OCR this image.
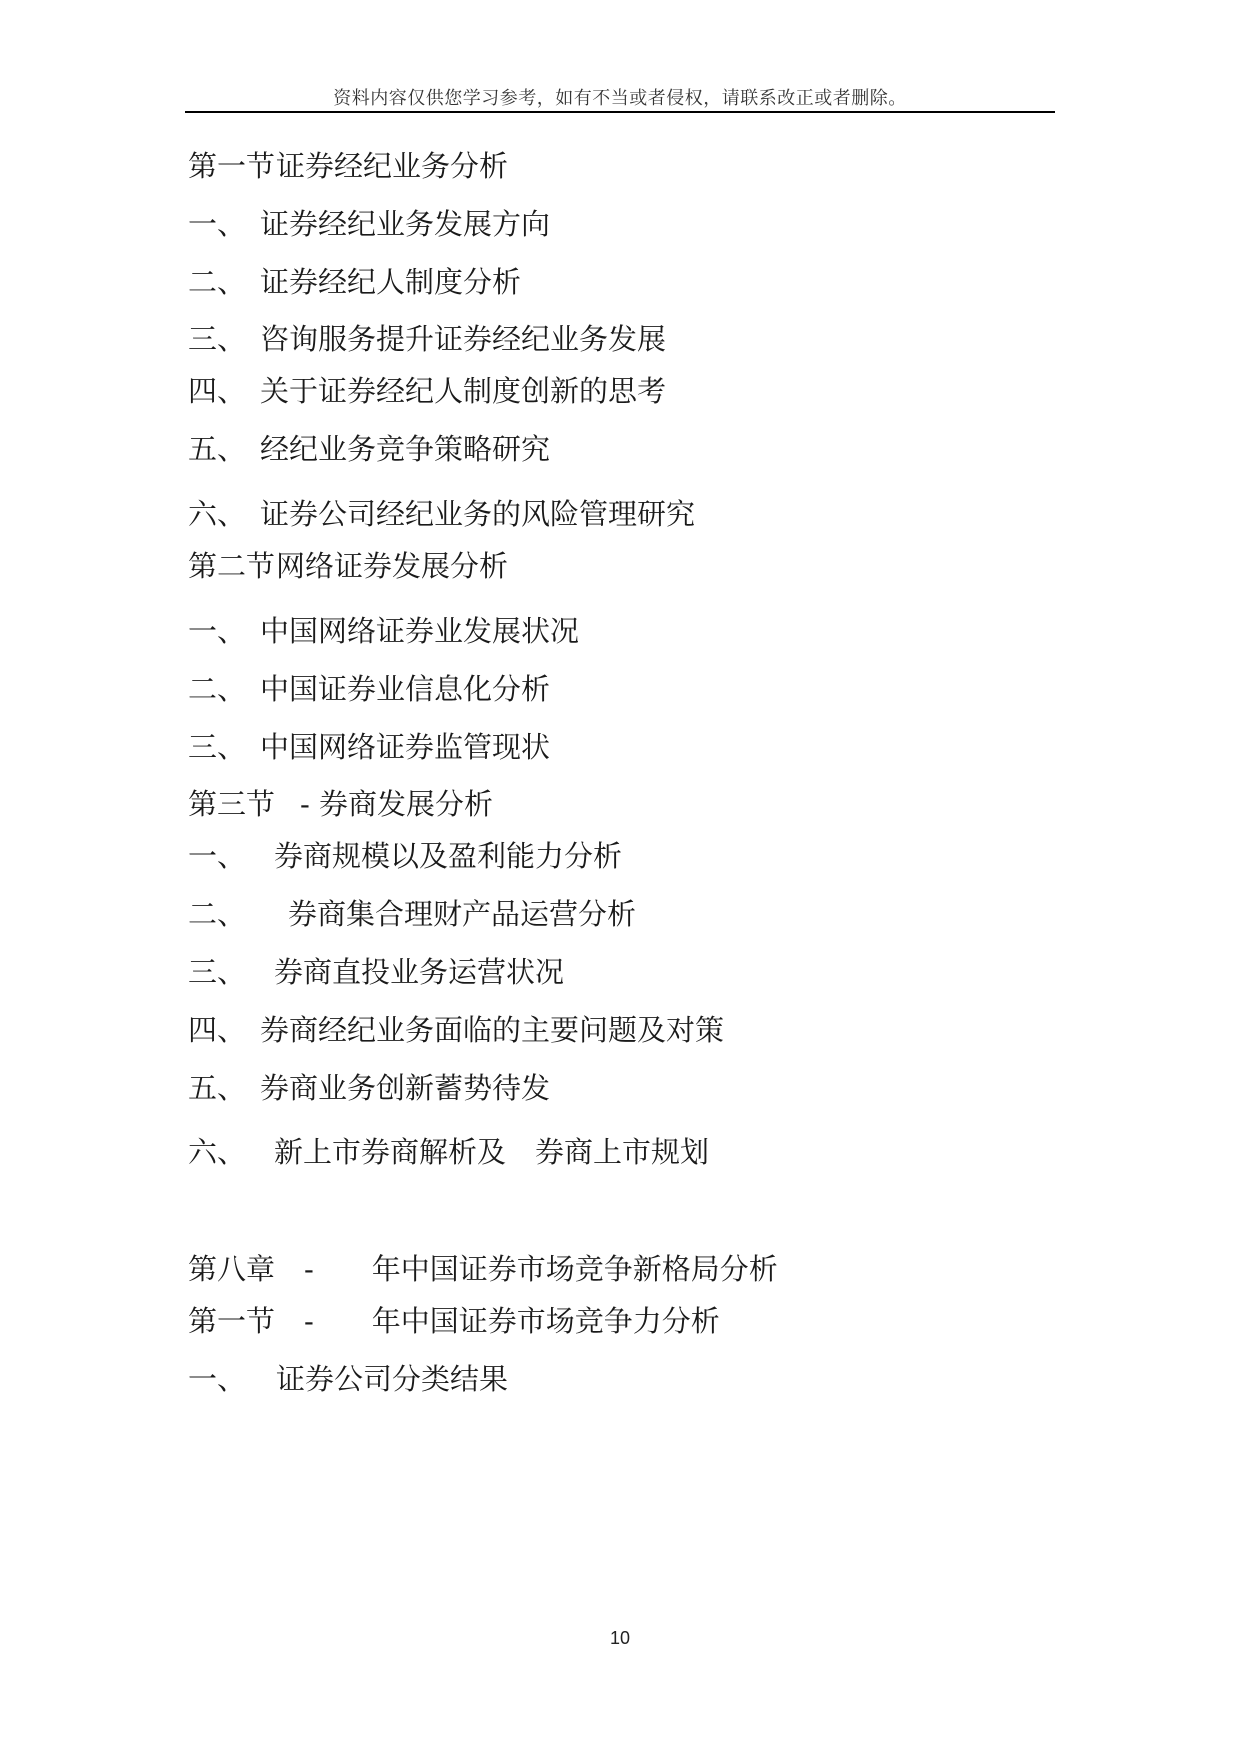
资料内容仅供您学习参考，如有不当或者侵权，请联系改正或者删除。
第一节证券经纪业务分析
一、 证券经纪业务发展方向
二、 证券经纪人制度分析
三、 咨询服务提升证券经纪业务发展
四、 关于证券经纪人制度创新的思考
五、 经纪业务竞争策略研究
六、 证券公司经纪业务的风险管理研究
第二节网络证券发展分析
一、 中国网络证券业发展状况
二、 中国证券业信息化分析
三、 中国网络证券监管现状
第三节 - 券商发展分析
一、 券商规模以及盈利能力分析
二、 券商集合理财产品运营分析
三、 券商直投业务运营状况
四、 券商经纪业务面临的主要问题及对策
五、 券商业务创新蓄势待发
六、 新上市券商解析及　券商上市规划
第八章 -　　年中国证券市场竞争新格局分析
第一节 -　　年中国证券市场竞争力分析
一、 证券公司分类结果
10
